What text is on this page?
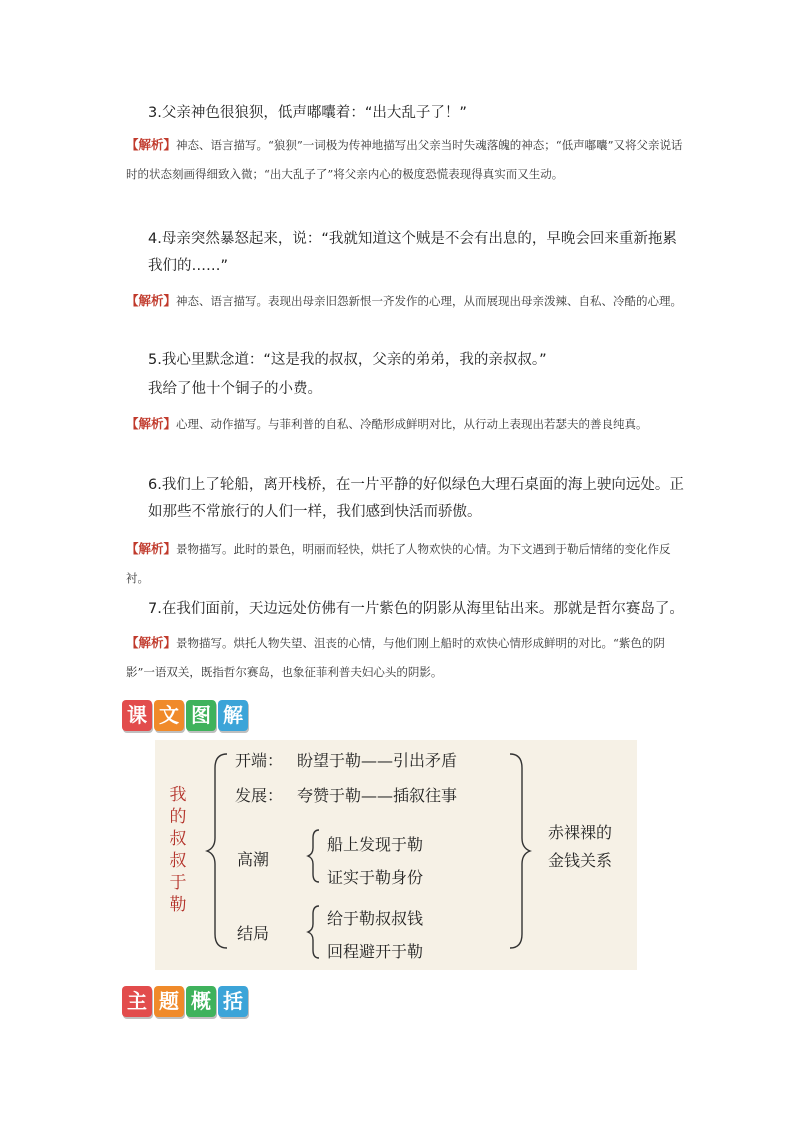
3.父亲神色很狼狈，低声嘟囔着：“出大乱子了！”
【解析】神态、语言描写。“狼狈”一词极为传神地描写出父亲当时失魂落魄的神态；“低声嘟囔”又将父亲说话时的状态刻画得细致入微；“出大乱子了”将父亲内心的极度恐慌表现得真实而又生动。
4.母亲突然暴怒起来，说：“我就知道这个贼是不会有出息的，早晚会回来重新拖累我们的……”
【解析】神态、语言描写。表现出母亲旧怨新恨一齐发作的心理，从而展现出母亲泼辣、自私、冷酷的心理。
5.我心里默念道：“这是我的叔叔，父亲的弟弟，我的亲叔叔。”
我给了他十个铜子的小费。
【解析】心理、动作描写。与菲利普的自私、冷酷形成鲜明对比，从行动上表现出若瑟夫的善良纯真。
6.我们上了轮船，离开栈桥，在一片平静的好似绿色大理石桌面的海上驶向远处。正如那些不常旅行的人们一样，我们感到快活而骄傲。
【解析】景物描写。此时的景色，明丽而轻快，烘托了人物欢快的心情。为下文遇到于勒后情绪的变化作反衬。
7.在我们面前，天边远处仿佛有一片紫色的阴影从海里钻出来。那就是哲尔赛岛了。
【解析】景物描写。烘托人物失望、沮丧的心情，与他们刚上船时的欢快心情形成鲜明的对比。“紫色的阴影”一语双关，既指哲尔赛岛，也象征菲利普夫妇心头的阴影。
课 文 图 解
我
的
叔
叔
于
勒
开端： 盼望于勒——引出矛盾
发展： 夸赞于勒——插叙往事
高潮
船上发现于勒
证实于勒身份
结局
给于勒叔叔钱
回程避开于勒
赤裸裸的
金钱关系
主 题 概 括
